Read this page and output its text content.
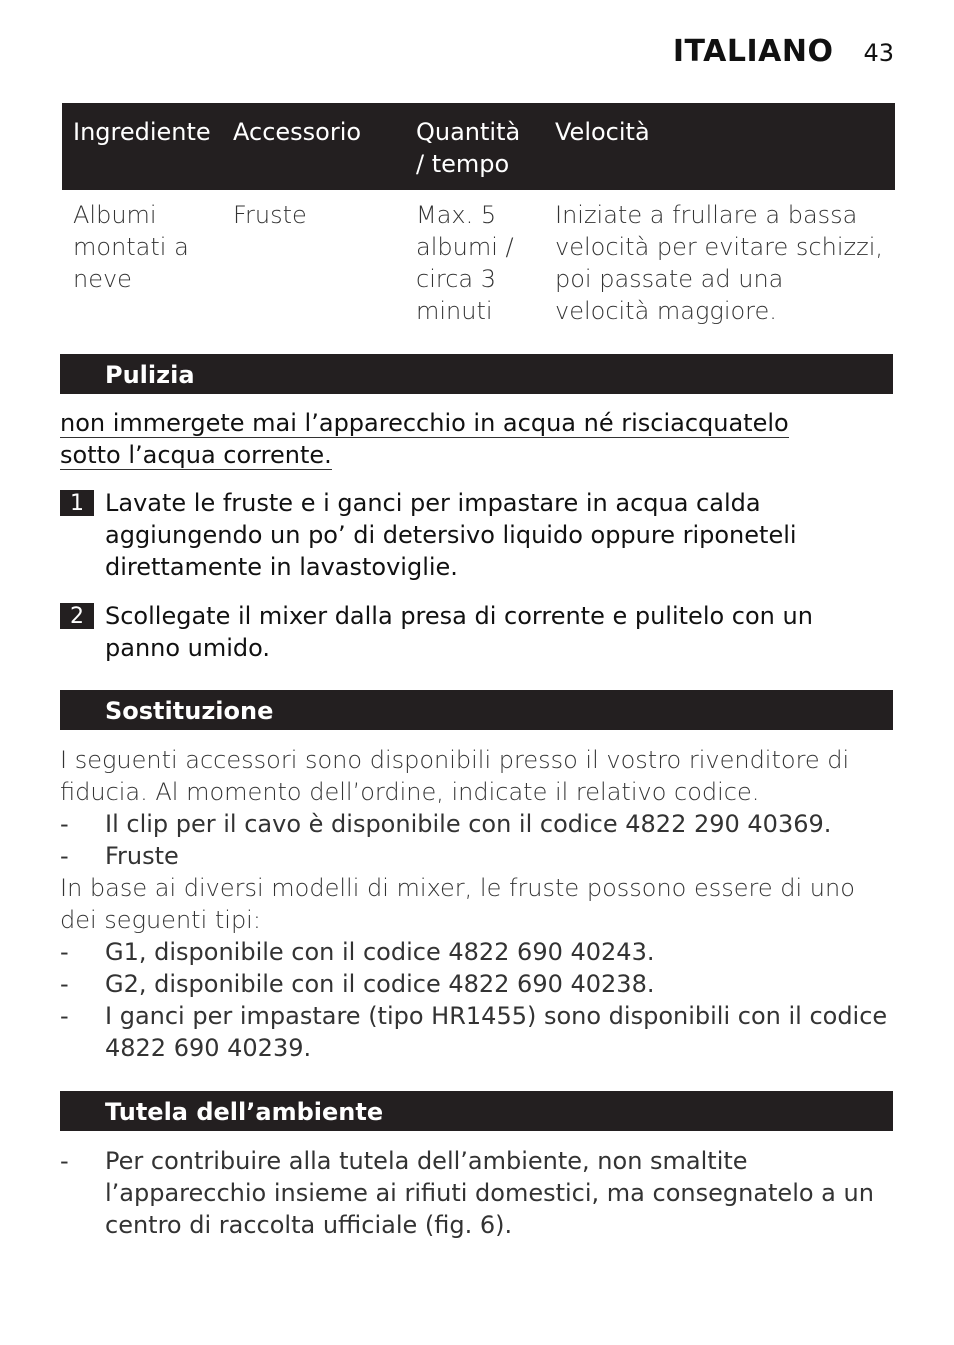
ITALIANO 43
Ingrediente	Accessorio	Quantità / tempo	Velocità
Albumi montati a neve	Fruste	Max. 5 albumi / circa 3 minuti	Iniziate a frullare a bassa velocità per evitare schizzi, poi passate ad una velocità maggiore.
Pulizia
non immergete mai l’apparecchio in acqua né risciacquatelo sotto l’acqua corrente.
1 Lavate le fruste e i ganci per impastare in acqua calda aggiungendo un po’ di detersivo liquido oppure riponeteli direttamente in lavastoviglie.
2 Scollegate il mixer dalla presa di corrente e pulitelo con un panno umido.
Sostituzione
I seguenti accessori sono disponibili presso il vostro rivenditore di fiducia. Al momento dell’ordine, indicate il relativo codice.
- Il clip per il cavo è disponibile con il codice 4822 290 40369.
- Fruste
In base ai diversi modelli di mixer, le fruste possono essere di uno dei seguenti tipi:
- G1, disponibile con il codice 4822 690 40243.
- G2, disponibile con il codice 4822 690 40238.
- I ganci per impastare (tipo HR1455) sono disponibili con il codice 4822 690 40239.
Tutela dell’ambiente
- Per contribuire alla tutela dell’ambiente, non smaltite l’apparecchio insieme ai rifiuti domestici, ma consegnatelo a un centro di raccolta ufficiale (fig. 6).
